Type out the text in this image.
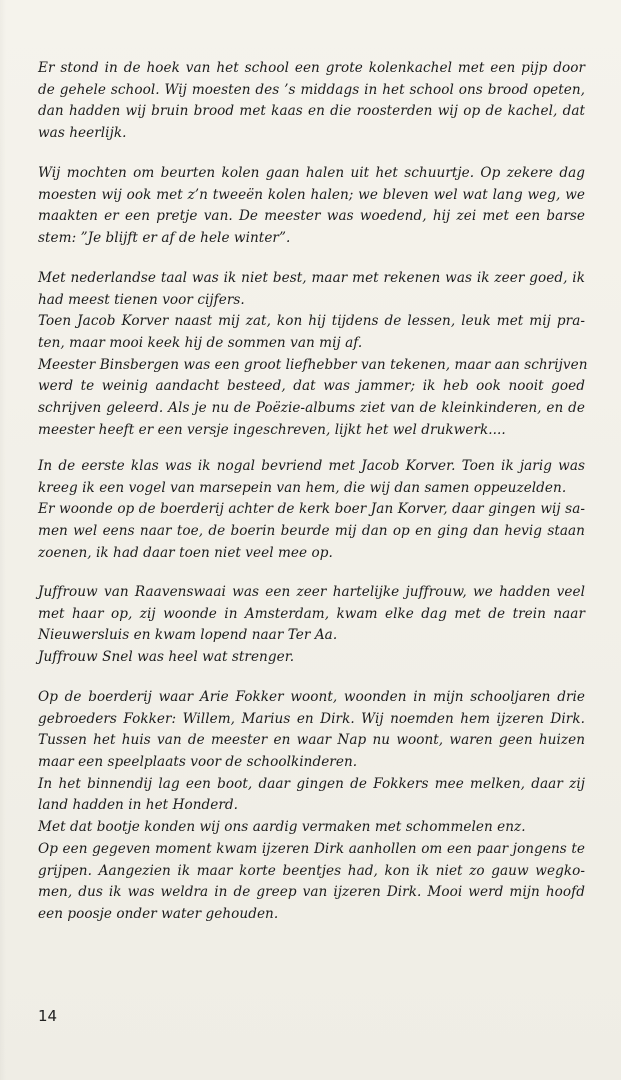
Er stond in de hoek van het school een grote kolenkachel met een pijp door
de gehele school. Wij moesten des ’s middags in het school ons brood opeten,
dan hadden wij bruin brood met kaas en die roosterden wij op de kachel, dat
was heerlijk.
Wij mochten om beurten kolen gaan halen uit het schuurtje. Op zekere dag
moesten wij ook met z’n tweeën kolen halen; we bleven wel wat lang weg, we
maakten er een pretje van. De meester was woedend, hij zei met een barse
stem: ”Je blijft er af de hele winter”.
Met nederlandse taal was ik niet best, maar met rekenen was ik zeer goed, ik
had meest tienen voor cijfers.
Toen Jacob Korver naast mij zat, kon hij tijdens de lessen, leuk met mij pra-
ten, maar mooi keek hij de sommen van mij af.
Meester Binsbergen was een groot liefhebber van tekenen, maar aan schrijven
werd te weinig aandacht besteed, dat was jammer; ik heb ook nooit goed
schrijven geleerd. Als je nu de Poëzie-albums ziet van de kleinkinderen, en de
meester heeft er een versje ingeschreven, lijkt het wel drukwerk....
In de eerste klas was ik nogal bevriend met Jacob Korver. Toen ik jarig was
kreeg ik een vogel van marsepein van hem, die wij dan samen oppeuzelden.
Er woonde op de boerderij achter de kerk boer Jan Korver, daar gingen wij sa-
men wel eens naar toe, de boerin beurde mij dan op en ging dan hevig staan
zoenen, ik had daar toen niet veel mee op.
Juffrouw van Raavenswaai was een zeer hartelijke juffrouw, we hadden veel
met haar op, zij woonde in Amsterdam, kwam elke dag met de trein naar
Nieuwersluis en kwam lopend naar Ter Aa.
Juffrouw Snel was heel wat strenger.
Op de boerderij waar Arie Fokker woont, woonden in mijn schooljaren drie
gebroeders Fokker: Willem, Marius en Dirk. Wij noemden hem ijzeren Dirk.
Tussen het huis van de meester en waar Nap nu woont, waren geen huizen
maar een speelplaats voor de schoolkinderen.
In het binnendij lag een boot, daar gingen de Fokkers mee melken, daar zij
land hadden in het Honderd.
Met dat bootje konden wij ons aardig vermaken met schommelen enz.
Op een gegeven moment kwam ijzeren Dirk aanhollen om een paar jongens te
grijpen. Aangezien ik maar korte beentjes had, kon ik niet zo gauw wegko-
men, dus ik was weldra in de greep van ijzeren Dirk. Mooi werd mijn hoofd
een poosje onder water gehouden.
14
